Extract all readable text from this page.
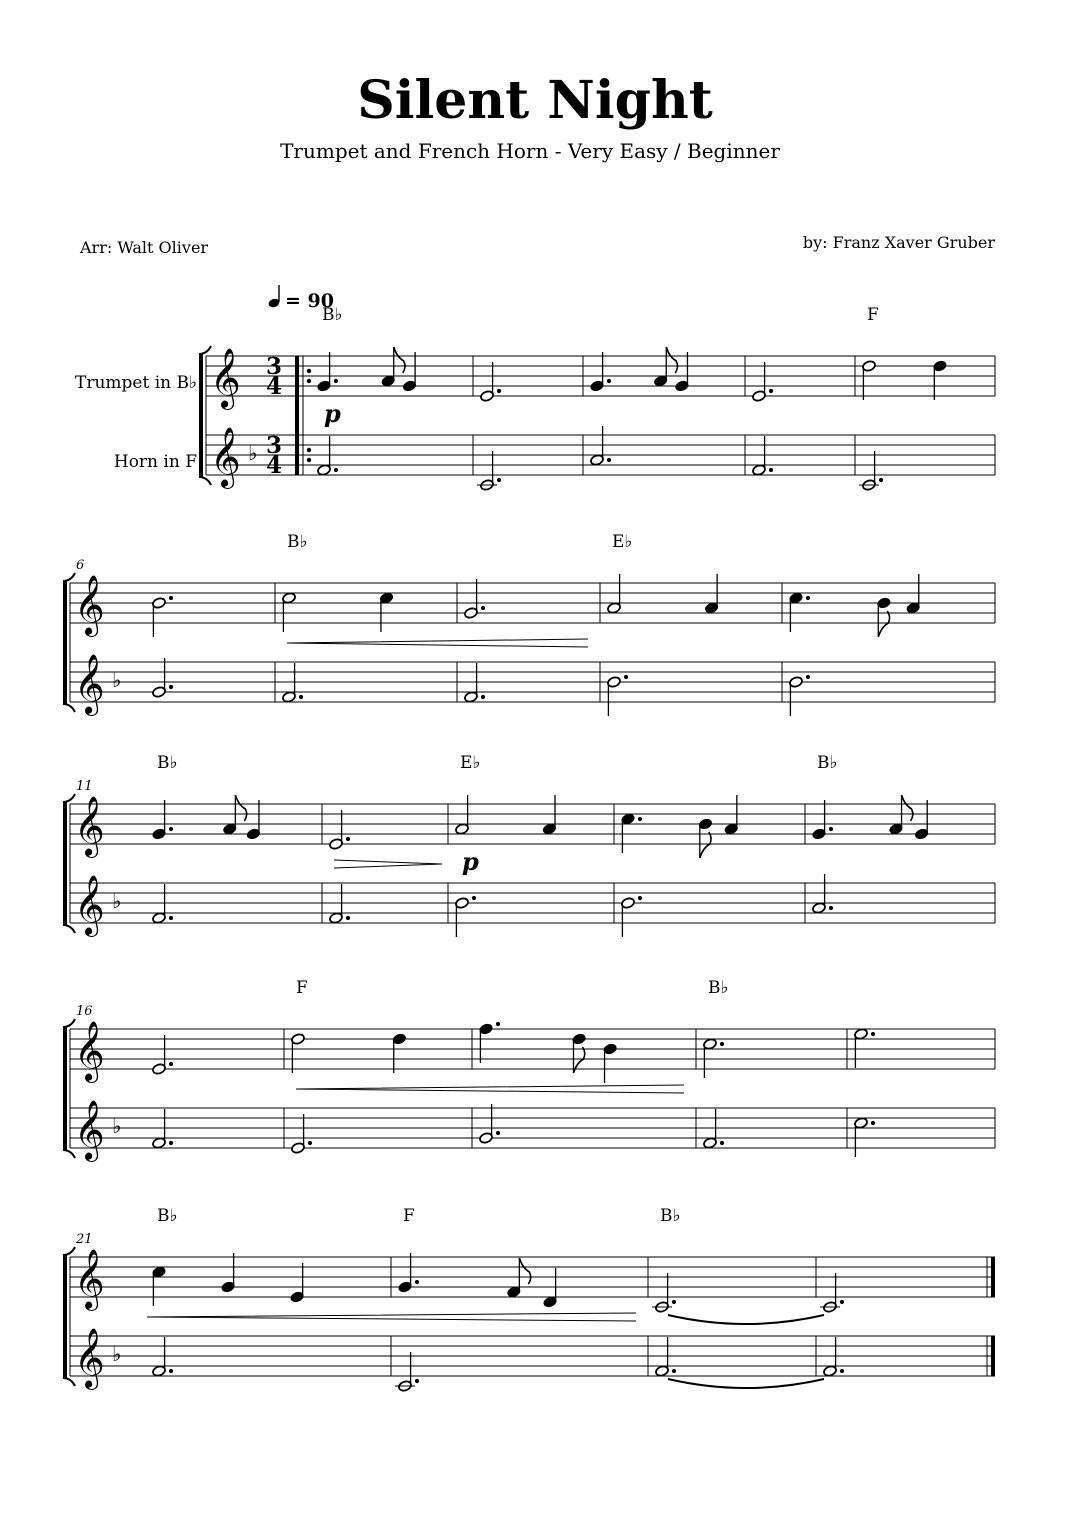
Silent Night
Trumpet and French Horn - Very Easy / Beginner
Arr: Walt Oliver	by: Franz Xaver Gruber
= 90
Trumpet in B♭
Horn in F
𝄞
𝄞 ♭
3
4
3
4
B♭
p
F
𝄞
𝄞 ♭
6
B♭	E♭
𝄞
𝄞 ♭
11
B♭	E♭
p
B♭
𝄞
𝄞 ♭
16
F	B♭
𝄞
𝄞 ♭
21
B♭	F	B♭
